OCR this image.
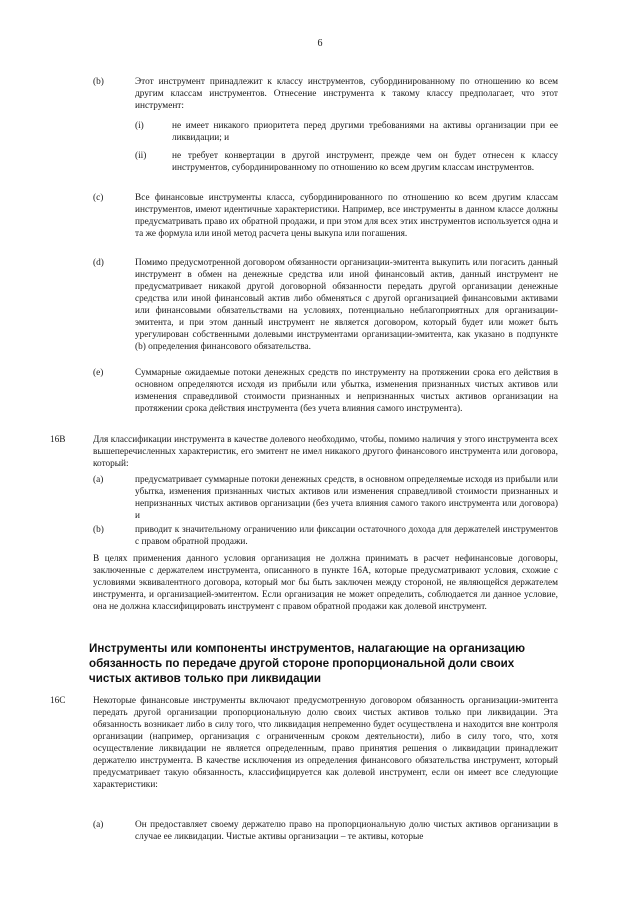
6
(b)	Этот инструмент принадлежит к классу инструментов, субординированному по отношению ко всем другим классам инструментов. Отнесение инструмента к такому классу предполагает, что этот инструмент:
(i)	не имеет никакого приоритета перед другими требованиями на активы организации при ее ликвидации; и
(ii)	не требует конвертации в другой инструмент, прежде чем он будет отнесен к классу инструментов, субординированному по отношению ко всем другим классам инструментов.
(c)	Все финансовые инструменты класса, субординированного по отношению ко всем другим классам инструментов, имеют идентичные характеристики. Например, все инструменты в данном классе должны предусматривать право их обратной продажи, и при этом для всех этих инструментов используется одна и та же формула или иной метод расчета цены выкупа или погашения.
(d)	Помимо предусмотренной договором обязанности организации-эмитента выкупить или погасить данный инструмент в обмен на денежные средства или иной финансовый актив, данный инструмент не предусматривает никакой другой договорной обязанности передать другой организации денежные средства или иной финансовый актив либо обменяться с другой организацией финансовыми активами или финансовыми обязательствами на условиях, потенциально неблагоприятных для организации-эмитента, и при этом данный инструмент не является договором, который будет или может быть урегулирован собственными долевыми инструментами организации-эмитента, как указано в подпункте (b) определения финансового обязательства.
(e)	Суммарные ожидаемые потоки денежных средств по инструменту на протяжении срока его действия в основном определяются исходя из прибыли или убытка, изменения признанных чистых активов или изменения справедливой стоимости признанных и непризнанных чистых активов организации на протяжении срока действия инструмента (без учета влияния самого инструмента).
16B	Для классификации инструмента в качестве долевого необходимо, чтобы, помимо наличия у этого инструмента всех вышеперечисленных характеристик, его эмитент не имел никакого другого финансового инструмента или договора, который:
(a)	предусматривает суммарные потоки денежных средств, в основном определяемые исходя из прибыли или убытка, изменения признанных чистых активов или изменения справедливой стоимости признанных и непризнанных чистых активов организации (без учета влияния самого такого инструмента или договора) и
(b)	приводит к значительному ограничению или фиксации остаточного дохода для держателей инструментов с правом обратной продажи.
В целях применения данного условия организация не должна принимать в расчет нефинансовые договоры, заключенные с держателем инструмента, описанного в пункте 16A, которые предусматривают условия, схожие с условиями эквивалентного договора, который мог бы быть заключен между стороной, не являющейся держателем инструмента, и организацией-эмитентом. Если организация не может определить, соблюдается ли данное условие, она не должна классифицировать инструмент с правом обратной продажи как долевой инструмент.
Инструменты или компоненты инструментов, налагающие на организацию обязанность по передаче другой стороне пропорциональной доли своих чистых активов только при ликвидации
16C	Некоторые финансовые инструменты включают предусмотренную договором обязанность организации-эмитента передать другой организации пропорциональную долю своих чистых активов только при ликвидации. Эта обязанность возникает либо в силу того, что ликвидация непременно будет осуществлена и находится вне контроля организации (например, организация с ограниченным сроком деятельности), либо в силу того, что, хотя осуществление ликвидации не является определенным, право принятия решения о ликвидации принадлежит держателю инструмента. В качестве исключения из определения финансового обязательства инструмент, который предусматривает такую обязанность, классифицируется как долевой инструмент, если он имеет все следующие характеристики:
(a)	Он предоставляет своему держателю право на пропорциональную долю чистых активов организации в случае ее ликвидации. Чистые активы организации – те активы, которые
